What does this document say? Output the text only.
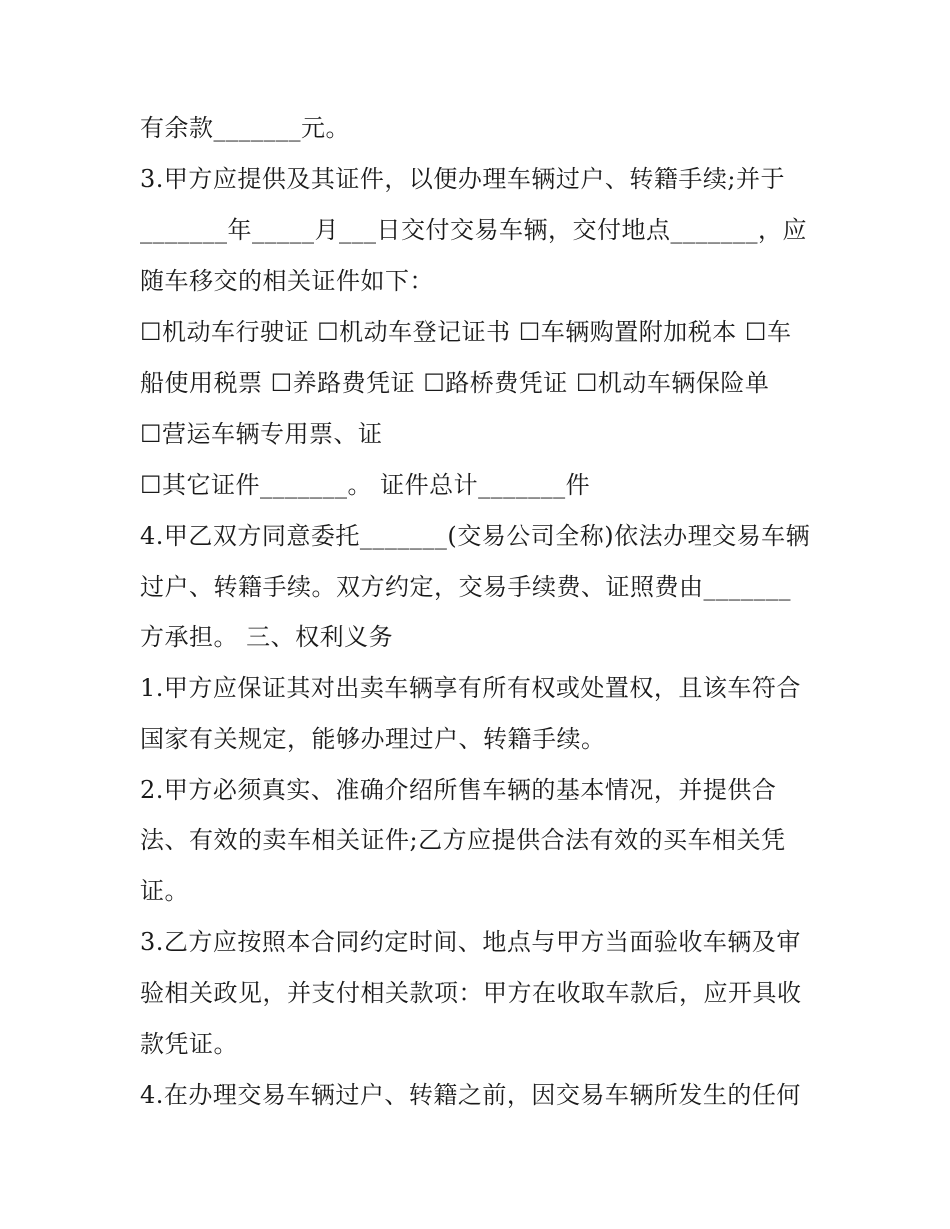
有余款_______元。
3.甲方应提供及其证件，以便办理车辆过户、转籍手续;并于
_______年_____月___日交付交易车辆，交付地点_______，应
随车移交的相关证件如下：
☐机动车行驶证 ☐机动车登记证书 ☐车辆购置附加税本 ☐车
船使用税票 ☐养路费凭证 ☐路桥费凭证 ☐机动车辆保险单
☐营运车辆专用票、证
☐其它证件_______。 证件总计_______件
4.甲乙双方同意委托_______(交易公司全称)依法办理交易车辆
过户、转籍手续。双方约定，交易手续费、证照费由_______
方承担。 三、权利义务
1.甲方应保证其对出卖车辆享有所有权或处置权，且该车符合
国家有关规定，能够办理过户、转籍手续。
2.甲方必须真实、准确介绍所售车辆的基本情况，并提供合
法、有效的卖车相关证件;乙方应提供合法有效的买车相关凭
证。
3.乙方应按照本合同约定时间、地点与甲方当面验收车辆及审
验相关政见，并支付相关款项：甲方在收取车款后，应开具收
款凭证。
4.在办理交易车辆过户、转籍之前，因交易车辆所发生的任何
